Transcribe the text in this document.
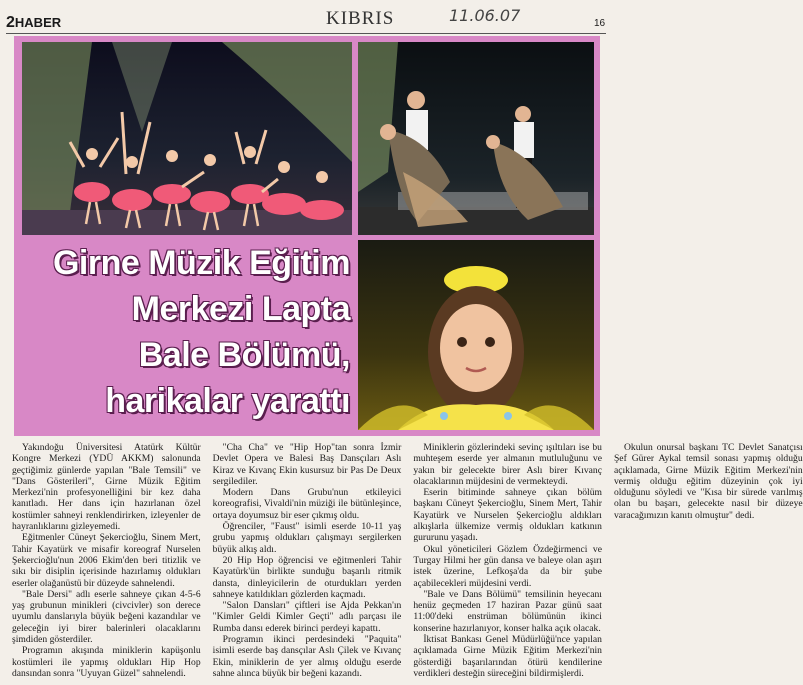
2HABER	KIBRIS	11.06.07	16
Girne Müzik Eğitim
Merkezi Lapta
Bale Bölümü,
harikalar yarattı

Yakındoğu Üniversitesi Atatürk Kültür Kongre Merkezi (YDÜ AKKM) salonunda geçtiğimiz günlerde yapılan "Bale Temsili" ve "Dans Gösterileri", Girne Müzik Eğitim Merkezi'nin profesyonelliğini bir kez daha kanıtladı. Her dans için hazırlanan özel kostümler sahneyi renklendirirken, izleyenler de hayranlıklarını gizleyemedi.

Eğitmenler Cüneyt Şekercioğlu, Sinem Mert, Tahir Kayatürk ve misafir koreograf Nurselen Şekercioğlu'nun 2006 Ekim'den beri titizlik ve sıkı bir disiplin içerisinde hazırlamış oldukları eserler olağanüstü bir düzeyde sahnelendi.

"Bale Dersi" adlı eserle sahneye çıkan 4-5-6 yaş grubunun minikleri (civcivler) son derece uyumlu danslarıyla büyük beğeni kazandılar ve geleceğin iyi birer balerinleri olacaklarını şimdiden gösterdiler.

Programın akışında miniklerin kapüşonlu kostümleri ile yapmış oldukları Hip Hop dansından sonra "Uyuyan Güzel" sahnelendi.

"Cha Cha" ve "Hip Hop"tan sonra İzmir Devlet Opera ve Balesi Baş Dansçıları Aslı Kiraz ve Kıvanç Ekin kusursuz bir Pas De Deux sergilediler.

Modern Dans Grubu'nun etkileyici koreografisi, Vivaldi'nin müziği ile bütünleşince, ortaya doyumsuz bir eser çıkmış oldu.

Öğrenciler, "Faust" isimli eserde 10-11 yaş grubu yapmış oldukları çalışmayı sergilerken büyük alkış aldı.

20 Hip Hop öğrencisi ve eğitmenleri Tahir Kayatürk'ün birlikte sunduğu başarılı ritmik dansta, dinleyicilerin de oturdukları yerden sahneye katıldıkları gözlerden kaçmadı.

"Salon Dansları" çiftleri ise Ajda Pekkan'ın "Kimler Geldi Kimler Geçti" adlı parçası ile Rumba dansı ederek birinci perdeyi kapattı.

Programın ikinci perdesindeki "Paquita" isimli eserde baş dansçılar Aslı Çilek ve Kıvanç Ekin, miniklerin de yer almış olduğu eserde sahne alınca büyük bir beğeni kazandı.

Miniklerin gözlerindeki sevinç ışıltıları ise bu muhteşem eserde yer almanın mutluluğunu ve yakın bir gelecekte birer Aslı birer Kıvanç olacaklarının müjdesini de vermekteydi.

Eserin bitiminde sahneye çıkan bölüm başkanı Cüneyt Şekercioğlu, Sinem Mert, Tahir Kayatürk ve Nurselen Şekercioğlu aldıkları alkışlarla ülkemize vermiş oldukları katkının gururunu yaşadı.

Okul yöneticileri Gözlem Özdeğirmenci ve Turgay Hilmi her gün dansa ve baleye olan aşırı istek üzerine, Lefkoşa'da da bir şube açabilecekleri müjdesini verdi.

"Bale ve Dans Bölümü" temsilinin heyecanı henüz geçmeden 17 haziran Pazar günü saat 11:00'deki enstrüman bölümünün ikinci konserine hazırlanıyor, konser halka açık olacak.

İktisat Bankası Genel Müdürlüğü'nce yapılan açıklamada Girne Müzik Eğitim Merkezi'nin gösterdiği başarılarından ötürü kendilerine verdikleri desteğin süreceğini bildirmişlerdi.

Okulun onursal başkanı TC Devlet Sanatçısı Şef Gürer Aykal temsil sonası yapmış olduğu açıklamada, Girne Müzik Eğitim Merkezi'nin vermiş olduğu eğitim düzeyinin çok iyi olduğunu söyledi ve "Kısa bir sürede varılmış olan bu başarı, gelecekte nasıl bir düzeye varacağımızın kanıtı olmuştur" dedi.
